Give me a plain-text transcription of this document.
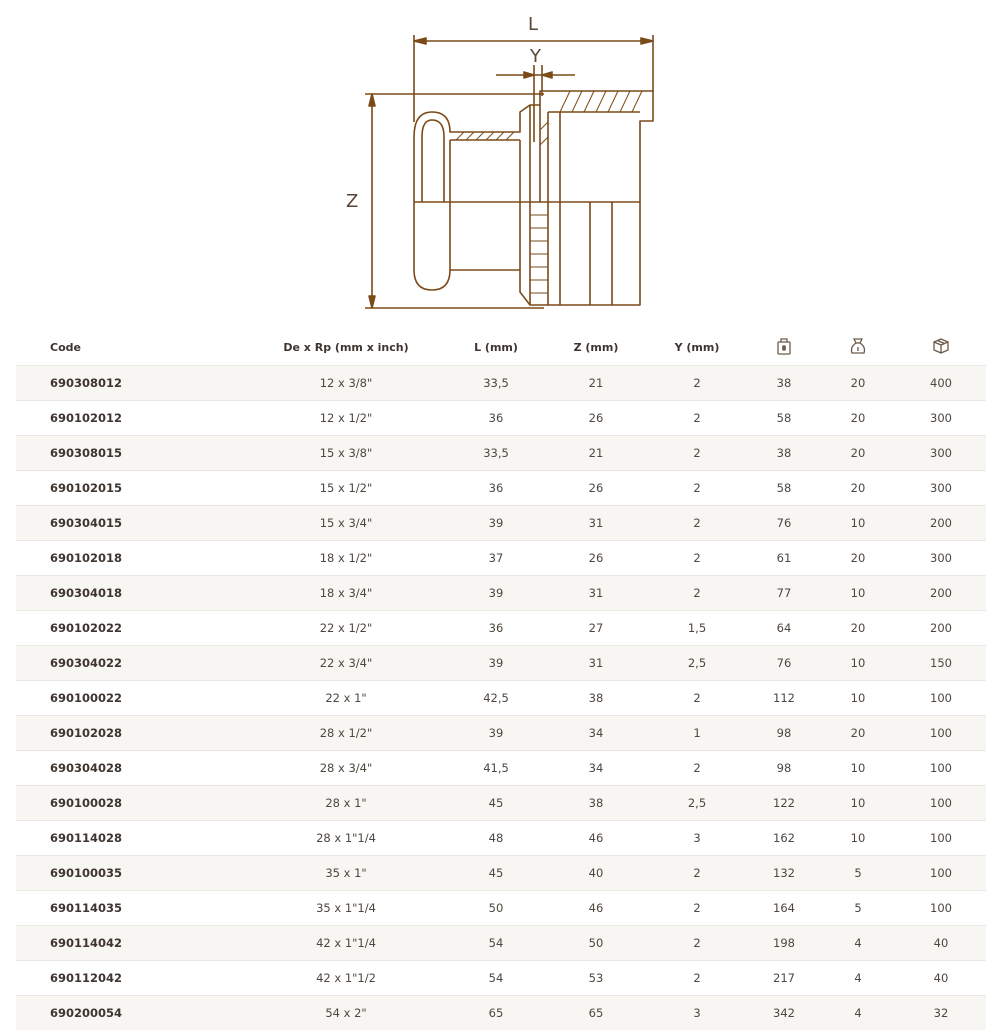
L
Y
Z
Code	De x Rp (mm x inch)	L (mm)	Z (mm)	Y (mm)			
690308012	12 x 3/8"	33,5	21	2	38	20	400
690102012	12 x 1/2"	36	26	2	58	20	300
690308015	15 x 3/8"	33,5	21	2	38	20	300
690102015	15 x 1/2"	36	26	2	58	20	300
690304015	15 x 3/4"	39	31	2	76	10	200
690102018	18 x 1/2"	37	26	2	61	20	300
690304018	18 x 3/4"	39	31	2	77	10	200
690102022	22 x 1/2"	36	27	1,5	64	20	200
690304022	22 x 3/4"	39	31	2,5	76	10	150
690100022	22 x 1"	42,5	38	2	112	10	100
690102028	28 x 1/2"	39	34	1	98	20	100
690304028	28 x 3/4"	41,5	34	2	98	10	100
690100028	28 x 1"	45	38	2,5	122	10	100
690114028	28 x 1"1/4	48	46	3	162	10	100
690100035	35 x 1"	45	40	2	132	5	100
690114035	35 x 1"1/4	50	46	2	164	5	100
690114042	42 x 1"1/4	54	50	2	198	4	40
690112042	42 x 1"1/2	54	53	2	217	4	40
690200054	54 x 2"	65	65	3	342	4	32
